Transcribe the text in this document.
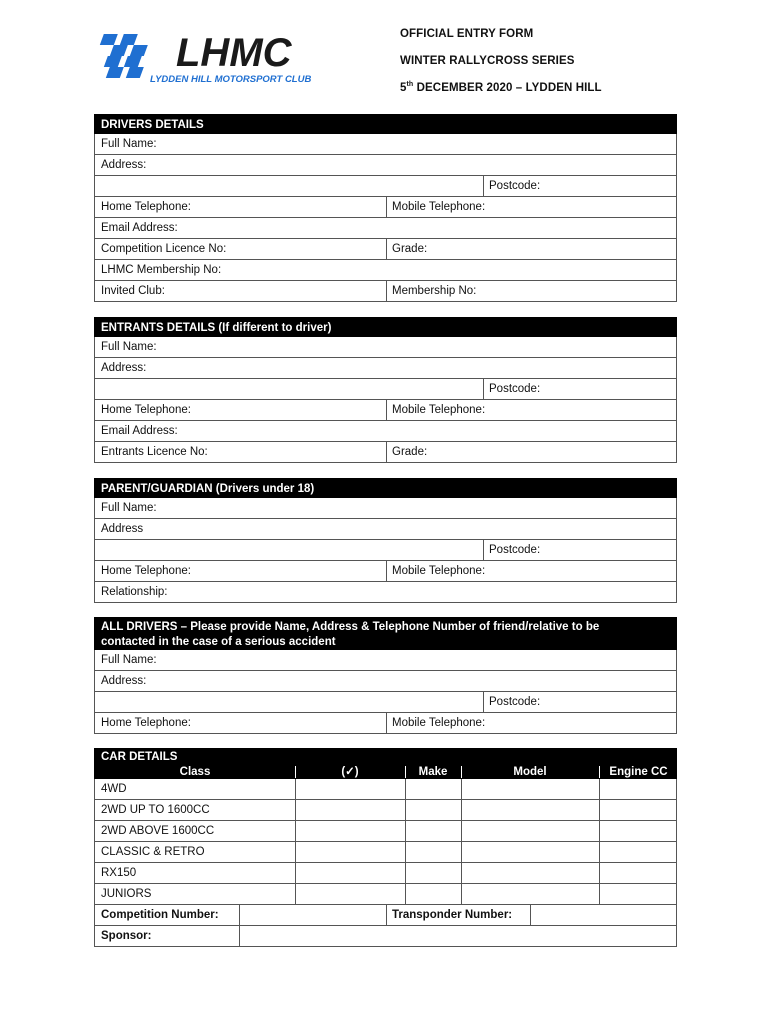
LHMC
LYDDEN HILL MOTORSPORT CLUB
OFFICIAL ENTRY FORM
WINTER RALLYCROSS SERIES
5th DECEMBER 2020 – LYDDEN HILL
DRIVERS DETAILS
Full Name:
Address:
Postcode:
Home Telephone:	Mobile Telephone:
Email Address:
Competition Licence No:	Grade:
LHMC Membership No:
Invited Club:	Membership No:
ENTRANTS DETAILS (If different to driver)
Full Name:
Address:
Postcode:
Home Telephone:	Mobile Telephone:
Email Address:
Entrants Licence No:	Grade:
PARENT/GUARDIAN (Drivers under 18)
Full Name:
Address
Postcode:
Home Telephone:	Mobile Telephone:
Relationship:
ALL DRIVERS – Please provide Name, Address & Telephone Number of friend/relative to be
contacted in the case of a serious accident
Full Name:
Address:
Postcode:
Home Telephone:	Mobile Telephone:
CAR DETAILS
Class	(✓)	Make	Model	Engine CC
4WD
2WD UP TO 1600CC
2WD ABOVE 1600CC
CLASSIC & RETRO
RX150
JUNIORS
Competition Number:	Transponder Number:
Sponsor:
